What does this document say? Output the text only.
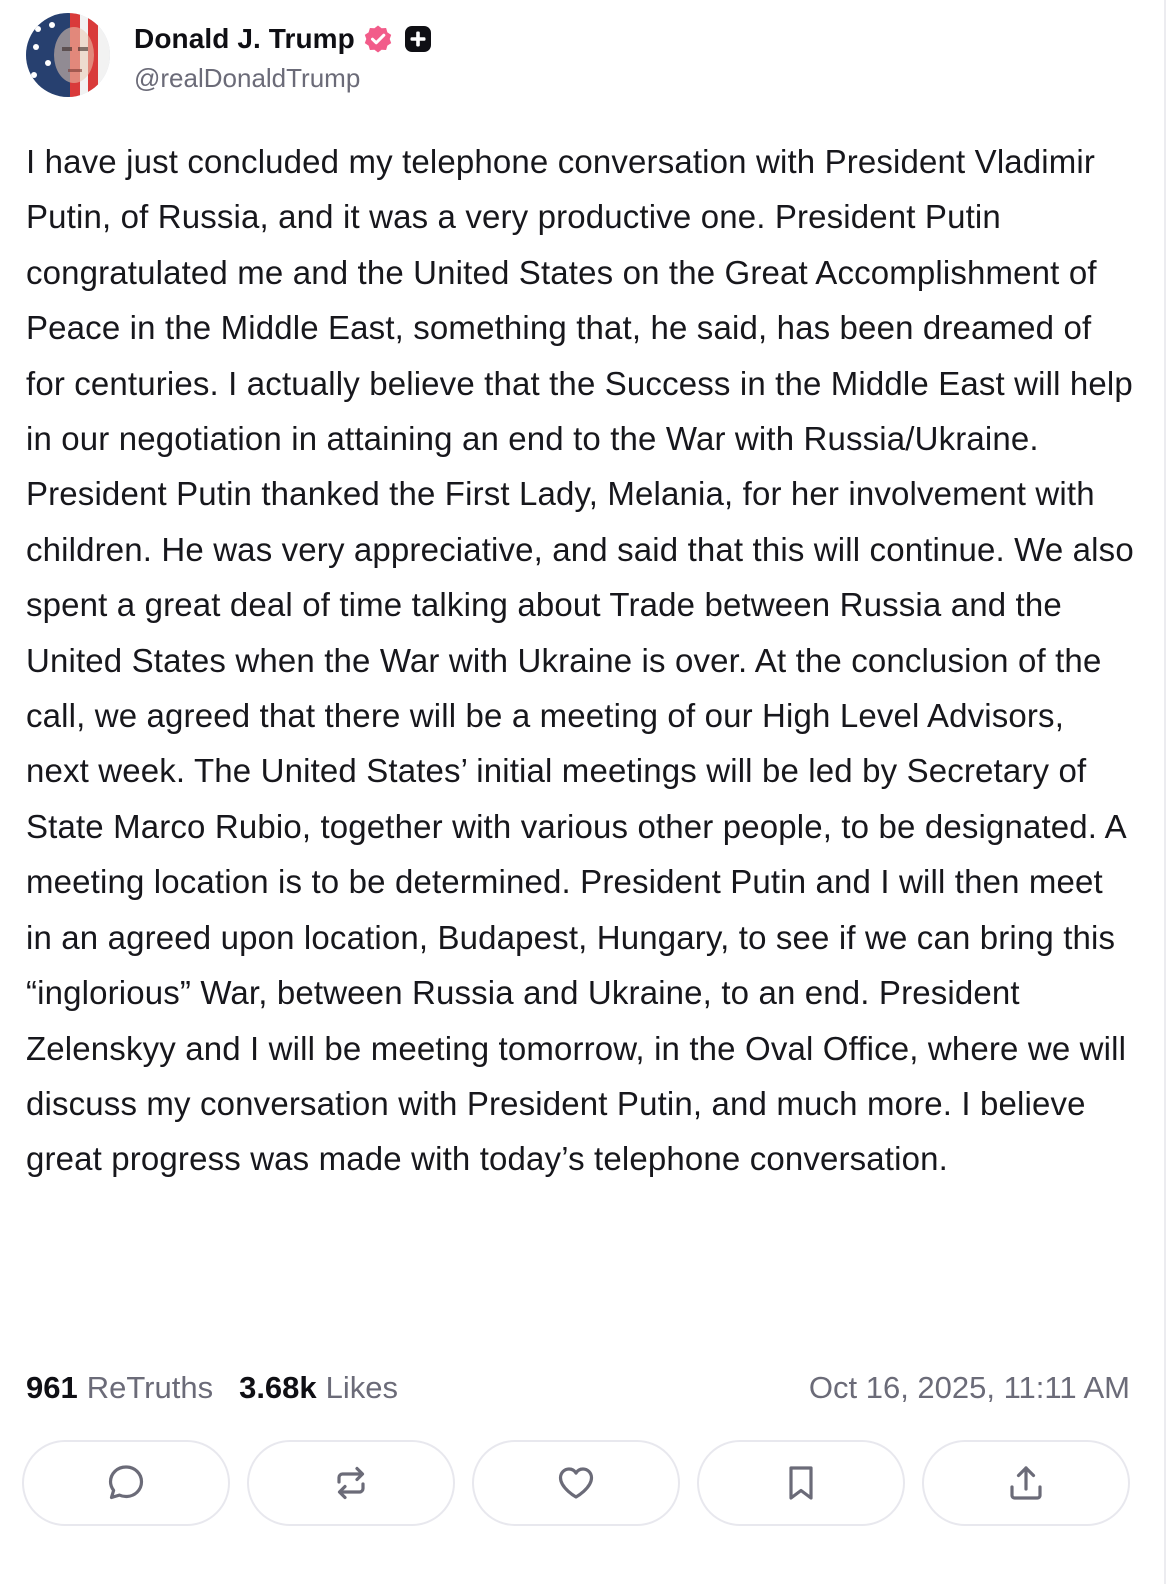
Donald J. Trump
@realDonaldTrump
I have just concluded my telephone conversation with President Vladimir Putin, of Russia, and it was a very productive one. President Putin congratulated me and the United States on the Great Accomplishment of Peace in the Middle East, something that, he said, has been dreamed of for centuries. I actually believe that the Success in the Middle East will help in our negotiation in attaining an end to the War with Russia/Ukraine. President Putin thanked the First Lady, Melania, for her involvement with children. He was very appreciative, and said that this will continue. We also spent a great deal of time talking about Trade between Russia and the United States when the War with Ukraine is over. At the conclusion of the call, we agreed that there will be a meeting of our High Level Advisors, next week. The United States’ initial meetings will be led by Secretary of State Marco Rubio, together with various other people, to be designated. A meeting location is to be determined. President Putin and I will then meet in an agreed upon location, Budapest, Hungary, to see if we can bring this “inglorious” War, between Russia and Ukraine, to an end. President Zelenskyy and I will be meeting tomorrow, in the Oval Office, where we will discuss my conversation with President Putin, and much more. I believe great progress was made with today’s telephone conversation.
961 ReTruths 3.68k Likes	Oct 16, 2025, 11:11 AM
